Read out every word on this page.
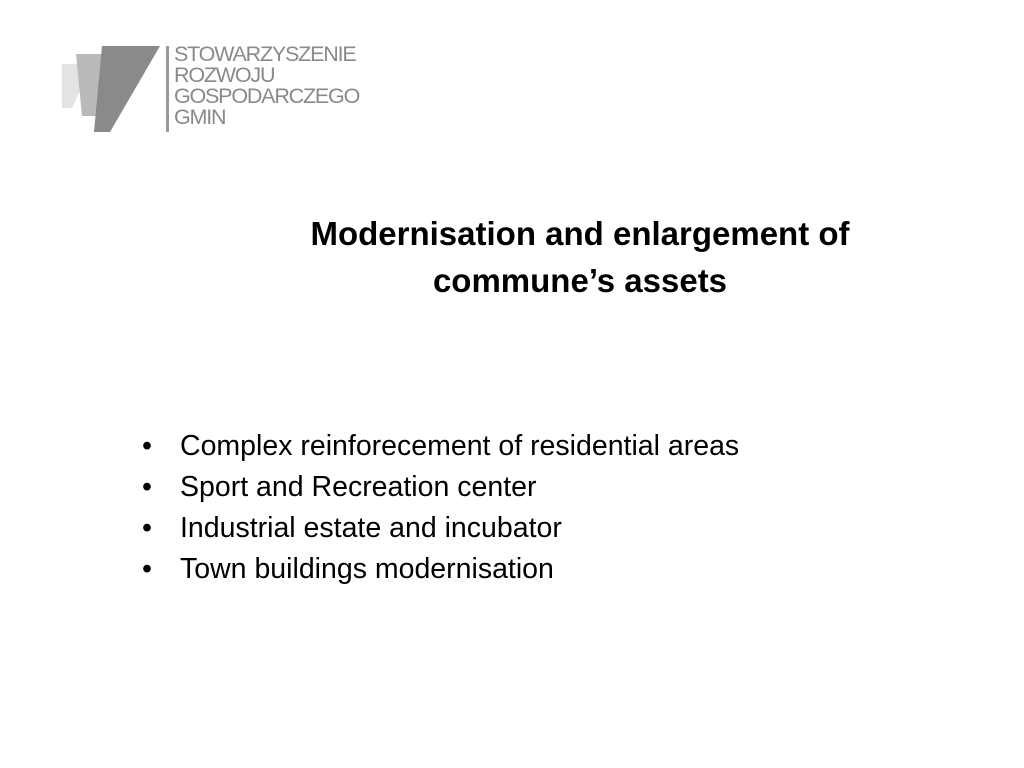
STOWARZYSZENIE
ROZWOJU
GOSPODARCZEGO
GMIN
Modernisation and enlargement of
commune’s assets
• Complex reinforecement of residential areas
• Sport and Recreation center
• Industrial estate and incubator
• Town buildings modernisation
